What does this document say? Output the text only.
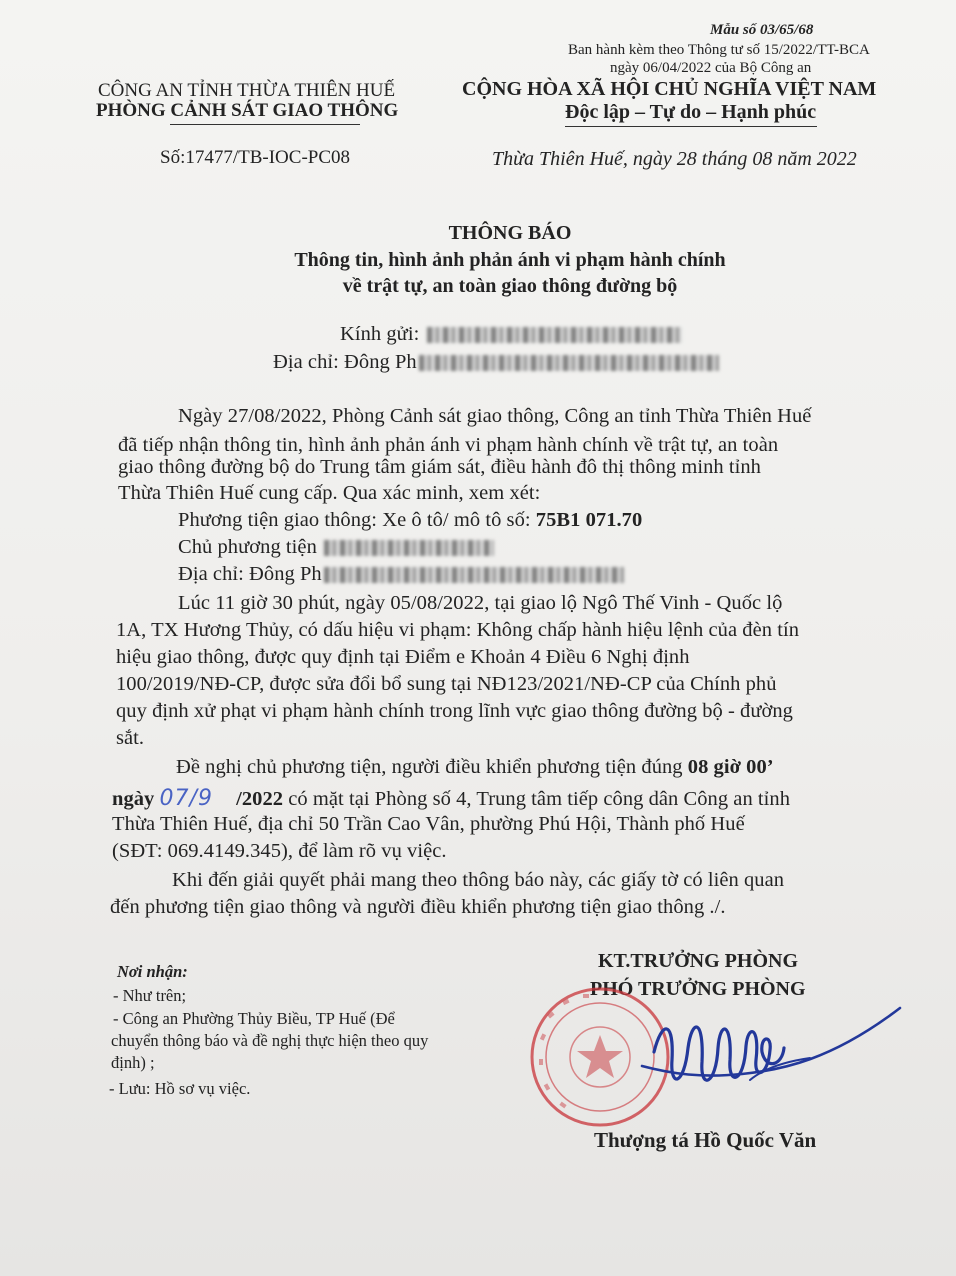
Mẫu số 03/65/68
Ban hành kèm theo Thông tư số 15/2022/TT-BCA
ngày 06/04/2022 của Bộ Công an
CÔNG AN TỈNH THỪA THIÊN HUẾ
PHÒNG CẢNH SÁT GIAO THÔNG
Số:17477/TB-IOC-PC08
CỘNG HÒA XÃ HỘI CHỦ NGHĨA VIỆT NAM
Độc lập – Tự do – Hạnh phúc
Thừa Thiên Huế, ngày 28 tháng 08 năm 2022
THÔNG BÁO
Thông tin, hình ảnh phản ánh vi phạm hành chính
về trật tự, an toàn giao thông đường bộ
Kính gửi:
Địa chỉ: Đông Ph
Ngày 27/08/2022, Phòng Cảnh sát giao thông, Công an tỉnh Thừa Thiên Huế
đã tiếp nhận thông tin, hình ảnh phản ánh vi phạm hành chính về trật tự, an toàn
giao thông đường bộ do Trung tâm giám sát, điều hành đô thị thông minh tỉnh
Thừa Thiên Huế cung cấp. Qua xác minh, xem xét:
Phương tiện giao thông: Xe ô tô/ mô tô số: 75B1 071.70
Chủ phương tiện
Địa chỉ: Đông Ph
Lúc 11 giờ 30 phút, ngày 05/08/2022, tại giao lộ Ngô Thế Vinh - Quốc lộ
1A, TX Hương Thủy, có dấu hiệu vi phạm: Không chấp hành hiệu lệnh của đèn tín
hiệu giao thông, được quy định tại Điểm e Khoản 4 Điều 6 Nghị định
100/2019/NĐ-CP, được sửa đổi bổ sung tại NĐ123/2021/NĐ-CP của Chính phủ
quy định xử phạt vi phạm hành chính trong lĩnh vực giao thông đường bộ - đường
sắt.
Đề nghị chủ phương tiện, người điều khiển phương tiện đúng 08 giờ 00’
ngày 07/9 /2022 có mặt tại Phòng số 4, Trung tâm tiếp công dân Công an tỉnh
Thừa Thiên Huế, địa chỉ 50 Trần Cao Vân, phường Phú Hội, Thành phố Huế
(SĐT: 069.4149.345), để làm rõ vụ việc.
Khi đến giải quyết phải mang theo thông báo này, các giấy tờ có liên quan
đến phương tiện giao thông và người điều khiển phương tiện giao thông ./.
Nơi nhận:
- Như trên;
- Công an Phường Thủy Biều, TP Huế (Để
chuyển thông báo và đề nghị thực hiện theo quy
định) ;
- Lưu: Hồ sơ vụ việc.
KT.TRƯỞNG PHÒNG
PHÓ TRƯỞNG PHÒNG
Thượng tá Hồ Quốc Văn
